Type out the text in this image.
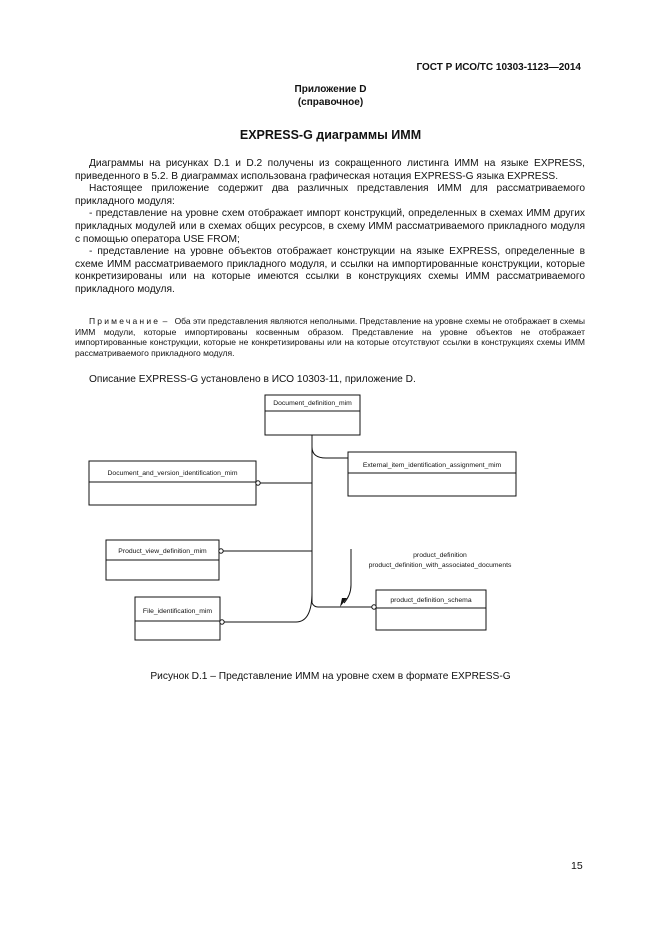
ГОСТ Р ИСО/ТС 10303-1123—2014
Приложение D
(справочное)
EXPRESS-G диаграммы ИММ

Диаграммы на рисунках D.1 и D.2 получены из сокращенного листинга ИММ на языке EXPRESS, приведенного в 5.2. В диаграммах использована графическая нотация EXPRESS-G языка EXPRESS.

Настоящее приложение содержит два различных представления ИММ для рассматриваемого прикладного модуля:

- представление на уровне схем отображает импорт конструкций, определенных в схемах ИММ других прикладных модулей или в схемах общих ресурсов, в схему ИММ рассматриваемого прикладного модуля с помощью оператора USE FROM;

- представление на уровне объектов отображает конструкции на языке EXPRESS, определенные в схеме ИММ рассматриваемого прикладного модуля, и ссылки на импортированные конструкции, которые конкретизированы или на которые имеются ссылки в конструкциях схемы ИММ рассматриваемого прикладного модуля.

Примечание – Оба эти представления являются неполными. Представление на уровне схемы не отображает в схемы ИММ модули, которые импортированы косвенным образом. Представление на уровне объектов не отображает импортированные конструкции, которые не конкретизированы или на которые отсутствуют ссылки в конструкциях схемы ИММ рассматриваемого прикладного модуля.

Описание EXPRESS-G установлено в ИСО 10303-11, приложение D.
Document_definition_mim
External_item_identification_assignment_mim
Document_and_version_identification_mim
Product_view_definition_mim
File_identification_mim
product_definition_schema
product_definition
product_definition_with_associated_documents
Рисунок D.1 – Представление ИММ на уровне схем в формате EXPRESS-G
15
